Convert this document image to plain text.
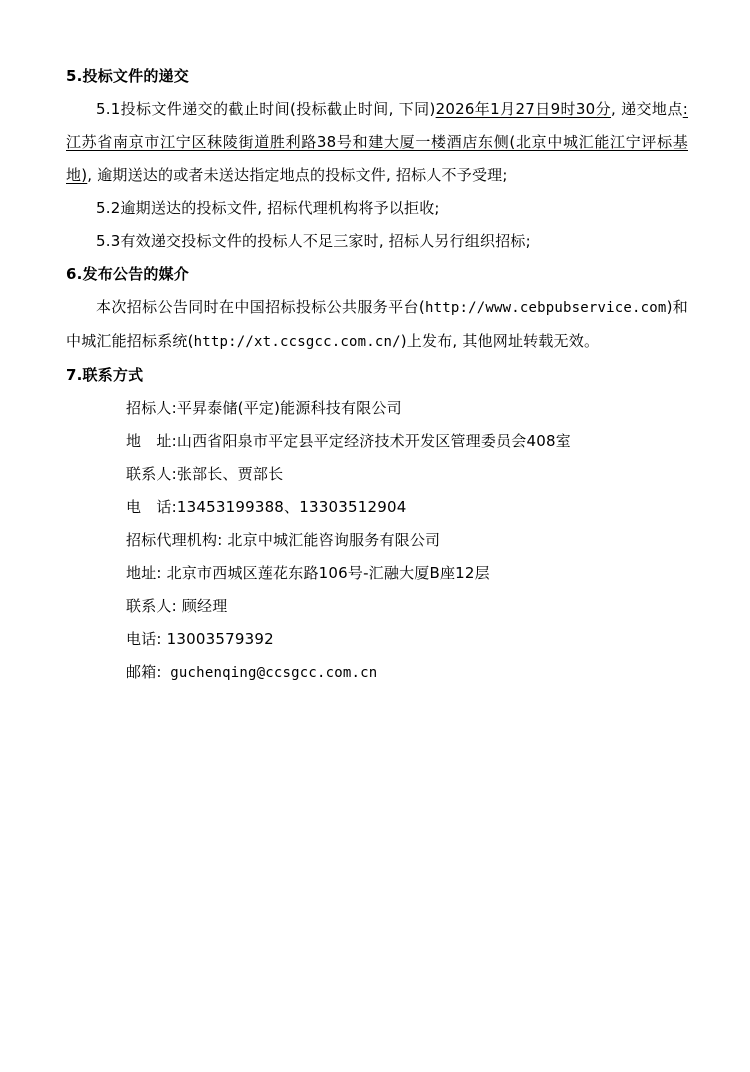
5.投标文件的递交

5.1投标文件递交的截止时间(投标截止时间, 下同)2026年1月27日9时30分, 递交地点:江苏省南京市江宁区秣陵街道胜利路38号和建大厦一楼酒店东侧(北京中城汇能江宁评标基地), 逾期送达的或者未送达指定地点的投标文件, 招标人不予受理;

5.2逾期送达的投标文件, 招标代理机构将予以拒收;

5.3有效递交投标文件的投标人不足三家时, 招标人另行组织招标;

6.发布公告的媒介

本次招标公告同时在中国招标投标公共服务平台(http://www.cebpubservice.com)和中城汇能招标系统(http://xt.ccsgcc.com.cn/)上发布, 其他网址转载无效。

7.联系方式

招标人:平昇泰储(平定)能源科技有限公司

地　址:山西省阳泉市平定县平定经济技术开发区管理委员会408室

联系人:张部长、贾部长

电　话:13453199388、13303512904

招标代理机构: 北京中城汇能咨询服务有限公司

地址: 北京市西城区莲花东路106号-汇融大厦B座12层

联系人: 顾经理

电话: 13003579392

邮箱: guchenqing@ccsgcc.com.cn
